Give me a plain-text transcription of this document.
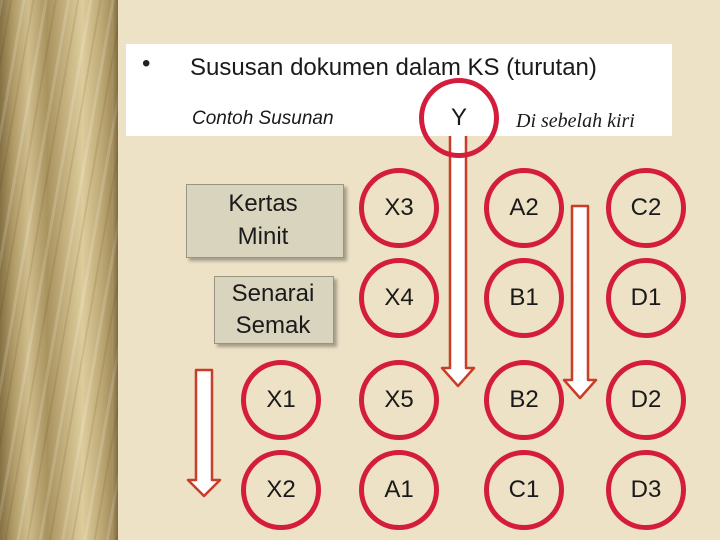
• Sususan dokumen dalam KS (turutan)
Contoh Susunan	Di sebelah kiri
Y
Kertas
Minit
Senarai
Semak
X3	A2	C2
X4	B1	D1
X1	X5	B2	D2
X2	A1	C1	D3
